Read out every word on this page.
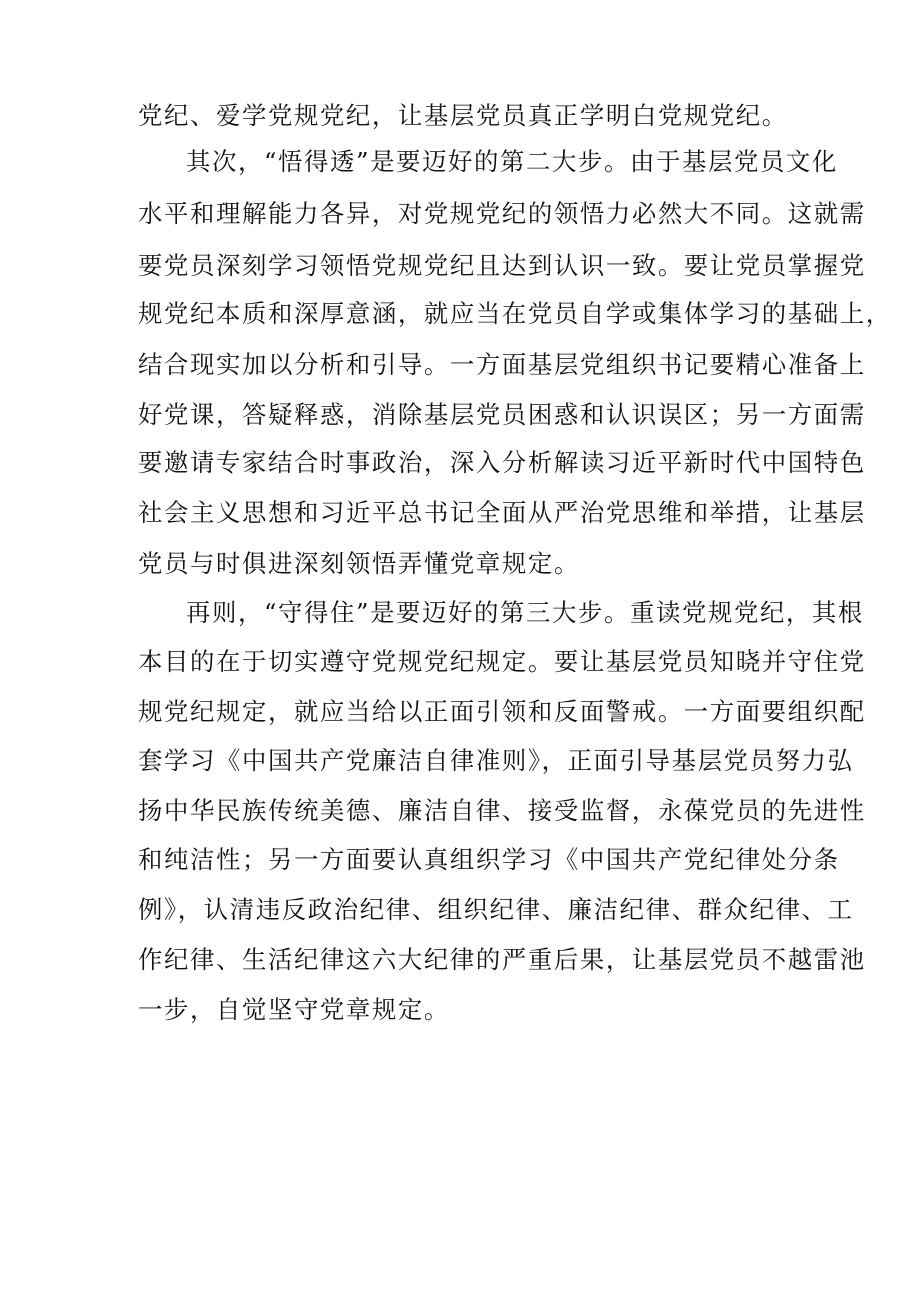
党纪、爱学党规党纪，让基层党员真正学明白党规党纪。
其次，“悟得透”是要迈好的第二大步。由于基层党员文化
水平和理解能力各异，对党规党纪的领悟力必然大不同。这就需
要党员深刻学习领悟党规党纪且达到认识一致。要让党员掌握党
规党纪本质和深厚意涵，就应当在党员自学或集体学习的基础上，
结合现实加以分析和引导。一方面基层党组织书记要精心准备上
好党课，答疑释惑，消除基层党员困惑和认识误区；另一方面需
要邀请专家结合时事政治，深入分析解读习近平新时代中国特色
社会主义思想和习近平总书记全面从严治党思维和举措，让基层
党员与时俱进深刻领悟弄懂党章规定。
再则，“守得住”是要迈好的第三大步。重读党规党纪，其根
本目的在于切实遵守党规党纪规定。要让基层党员知晓并守住党
规党纪规定，就应当给以正面引领和反面警戒。一方面要组织配
套学习《中国共产党廉洁自律准则》，正面引导基层党员努力弘
扬中华民族传统美德、廉洁自律、接受监督，永葆党员的先进性
和纯洁性；另一方面要认真组织学习《中国共产党纪律处分条
例》，认清违反政治纪律、组织纪律、廉洁纪律、群众纪律、工
作纪律、生活纪律这六大纪律的严重后果，让基层党员不越雷池
一步，自觉坚守党章规定。
